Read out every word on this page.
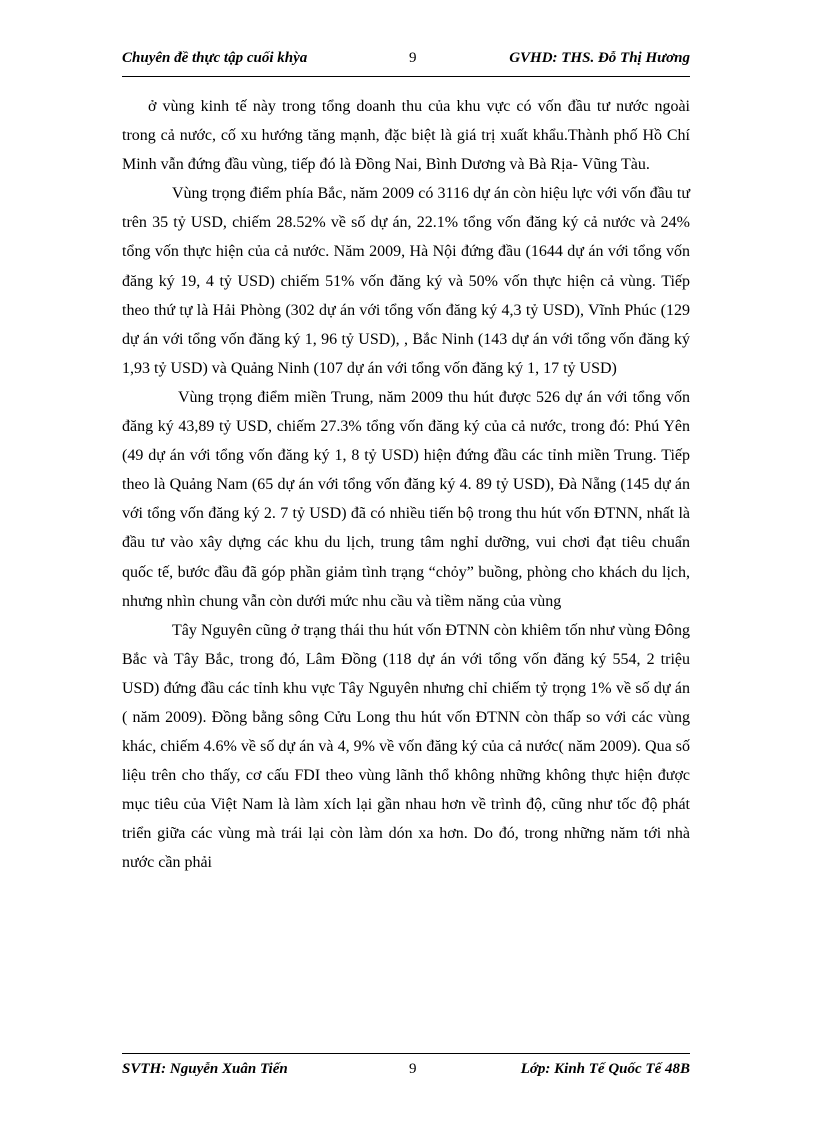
Chuyên đề thực tập cuối khỳa	9	GVHD: THS. Đỗ Thị Hương

ở vùng kinh tế này trong tổng doanh thu của khu vực có vốn đầu tư nước ngoài trong cả nước, cố xu hướng tăng mạnh, đặc biệt là giá trị xuất khẩu.Thành phố Hồ Chí Minh vẫn đứng đầu vùng, tiếp đó là Đồng Nai, Bình Dương và Bà Rịa- Vũng Tàu.

Vùng trọng điểm phía Bắc, năm 2009 có 3116 dự án còn hiệu lực với vốn đầu tư trên 35 tỷ USD, chiếm 28.52% về số dự án, 22.1% tổng vốn đăng ký cả nước và 24% tổng vốn thực hiện của cả nước. Năm 2009, Hà Nội đứng đầu (1644 dự án với tổng vốn đăng ký 19, 4 tỷ USD) chiếm 51% vốn đăng ký và 50% vốn thực hiện cả vùng. Tiếp theo thứ tự là Hải Phòng (302 dự án với tổng vốn đăng ký 4,3 tỷ USD), Vĩnh Phúc (129 dự án với tổng vốn đăng ký 1, 96 tỷ USD), , Bắc Ninh (143 dự án với tổng vốn đăng ký 1,93 tỷ USD) và Quảng Ninh (107 dự án với tổng vốn đăng ký 1, 17 tỷ USD)

Vùng trọng điểm miền Trung, năm 2009 thu hút được 526 dự án với tổng vốn đăng ký 43,89 tỷ USD, chiếm 27.3% tổng vốn đăng ký của cả nước, trong đó: Phú Yên (49 dự án với tổng vốn đăng ký 1, 8 tỷ USD) hiện đứng đầu các tỉnh miền Trung. Tiếp theo là Quảng Nam (65 dự án với tổng vốn đăng ký 4. 89 tỷ USD), Đà Nẵng (145 dự án với tổng vốn đăng ký 2. 7 tỷ USD) đã có nhiều tiến bộ trong thu hút vốn ĐTNN, nhất là đầu tư vào xây dựng các khu du lịch, trung tâm nghỉ dưỡng, vui chơi đạt tiêu chuẩn quốc tế, bước đầu đã góp phần giảm tình trạng “chỏy” buồng, phòng cho khách du lịch, nhưng nhìn chung vẫn còn dưới mức nhu cầu và tiềm năng của vùng

Tây Nguyên cũng ở trạng thái thu hút vốn ĐTNN còn khiêm tốn như vùng Đông Bắc và Tây Bắc, trong đó, Lâm Đồng (118 dự án với tổng vốn đăng ký 554, 2 triệu USD) đứng đầu các tỉnh khu vực Tây Nguyên nhưng chỉ chiếm tỷ trọng 1% về số dự án ( năm 2009). Đồng bằng sông Cửu Long thu hút vốn ĐTNN còn thấp so với các vùng khác, chiếm 4.6% về số dự án và 4, 9% về vốn đăng ký của cả nước( năm 2009). Qua số liệu trên cho thấy, cơ cấu FDI theo vùng lãnh thổ không những không thực hiện được mục tiêu của Việt Nam là làm xích lại gần nhau hơn về trình độ, cũng như tốc độ phát triển giữa các vùng mà trái lại còn làm dón xa hơn. Do đó, trong những năm tới nhà nước cần phải

SVTH: Nguyễn Xuân Tiến	9	Lớp: Kinh Tế Quốc Tế 48B
